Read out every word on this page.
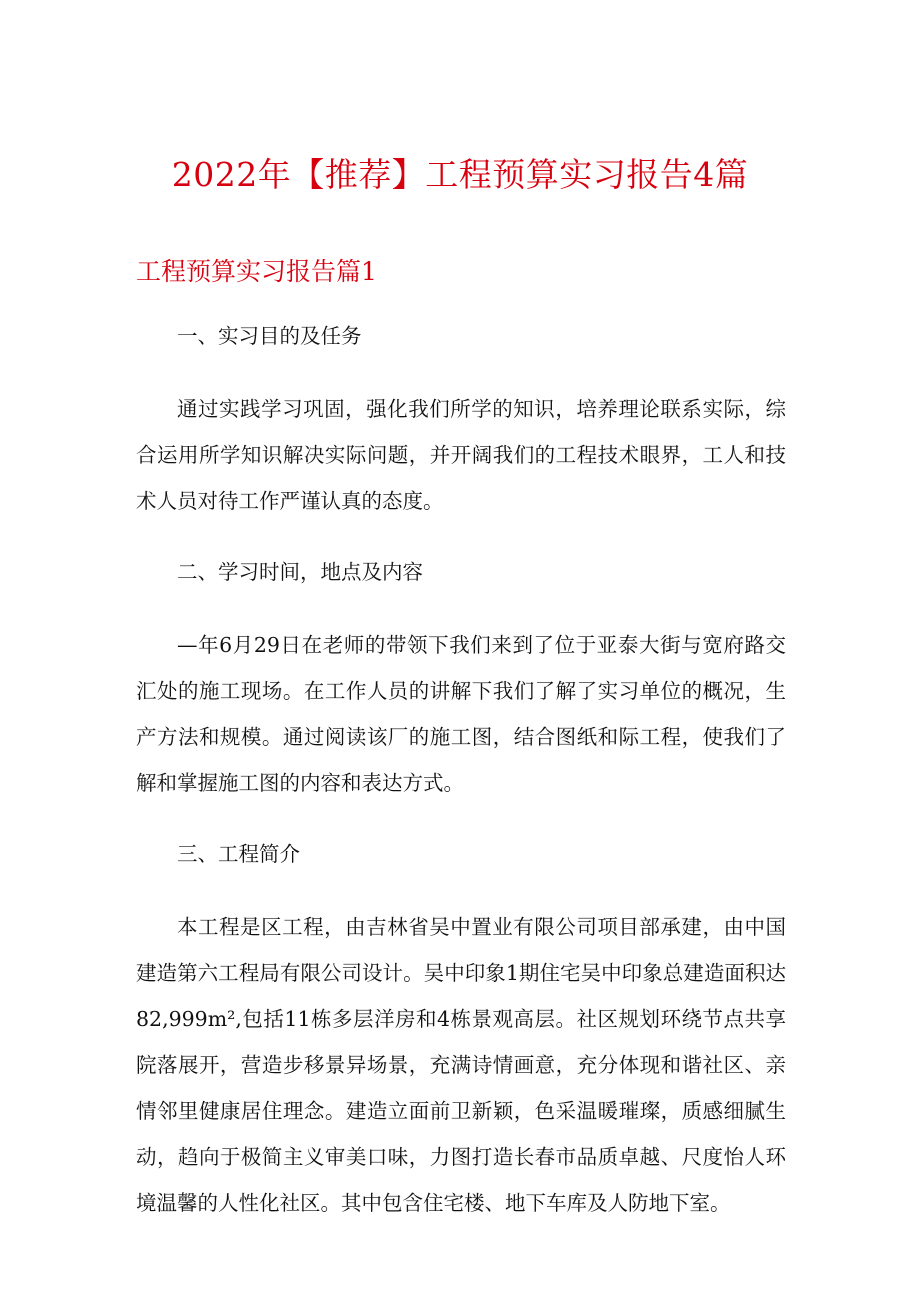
2022年【推荐】工程预算实习报告4篇
工程预算实习报告篇1

一、实习目的及任务

通过实践学习巩固，强化我们所学的知识，培养理论联系实际，综合运用所学知识解决实际问题，并开阔我们的工程技术眼界，工人和技术人员对待工作严谨认真的态度。

二、学习时间，地点及内容

—年6月29日在老师的带领下我们来到了位于亚泰大街与宽府路交汇处的施工现场。在工作人员的讲解下我们了解了实习单位的概况，生产方法和规模。通过阅读该厂的施工图，结合图纸和际工程，使我们了解和掌握施工图的内容和表达方式。

三、工程简介

本工程是区工程，由吉林省吴中置业有限公司项目部承建，由中国建造第六工程局有限公司设计。吴中印象1期住宅吴中印象总建造面积达82,999m²,包括11栋多层洋房和4栋景观高层。社区规划环绕节点共享院落展开，营造步移景异场景，充满诗情画意，充分体现和谐社区、亲情邻里健康居住理念。建造立面前卫新颖，色采温暖璀璨，质感细腻生动，趋向于极简主义审美口味，力图打造长春市品质卓越、尺度怡人环境温馨的人性化社区。其中包含住宅楼、地下车库及人防地下室。
